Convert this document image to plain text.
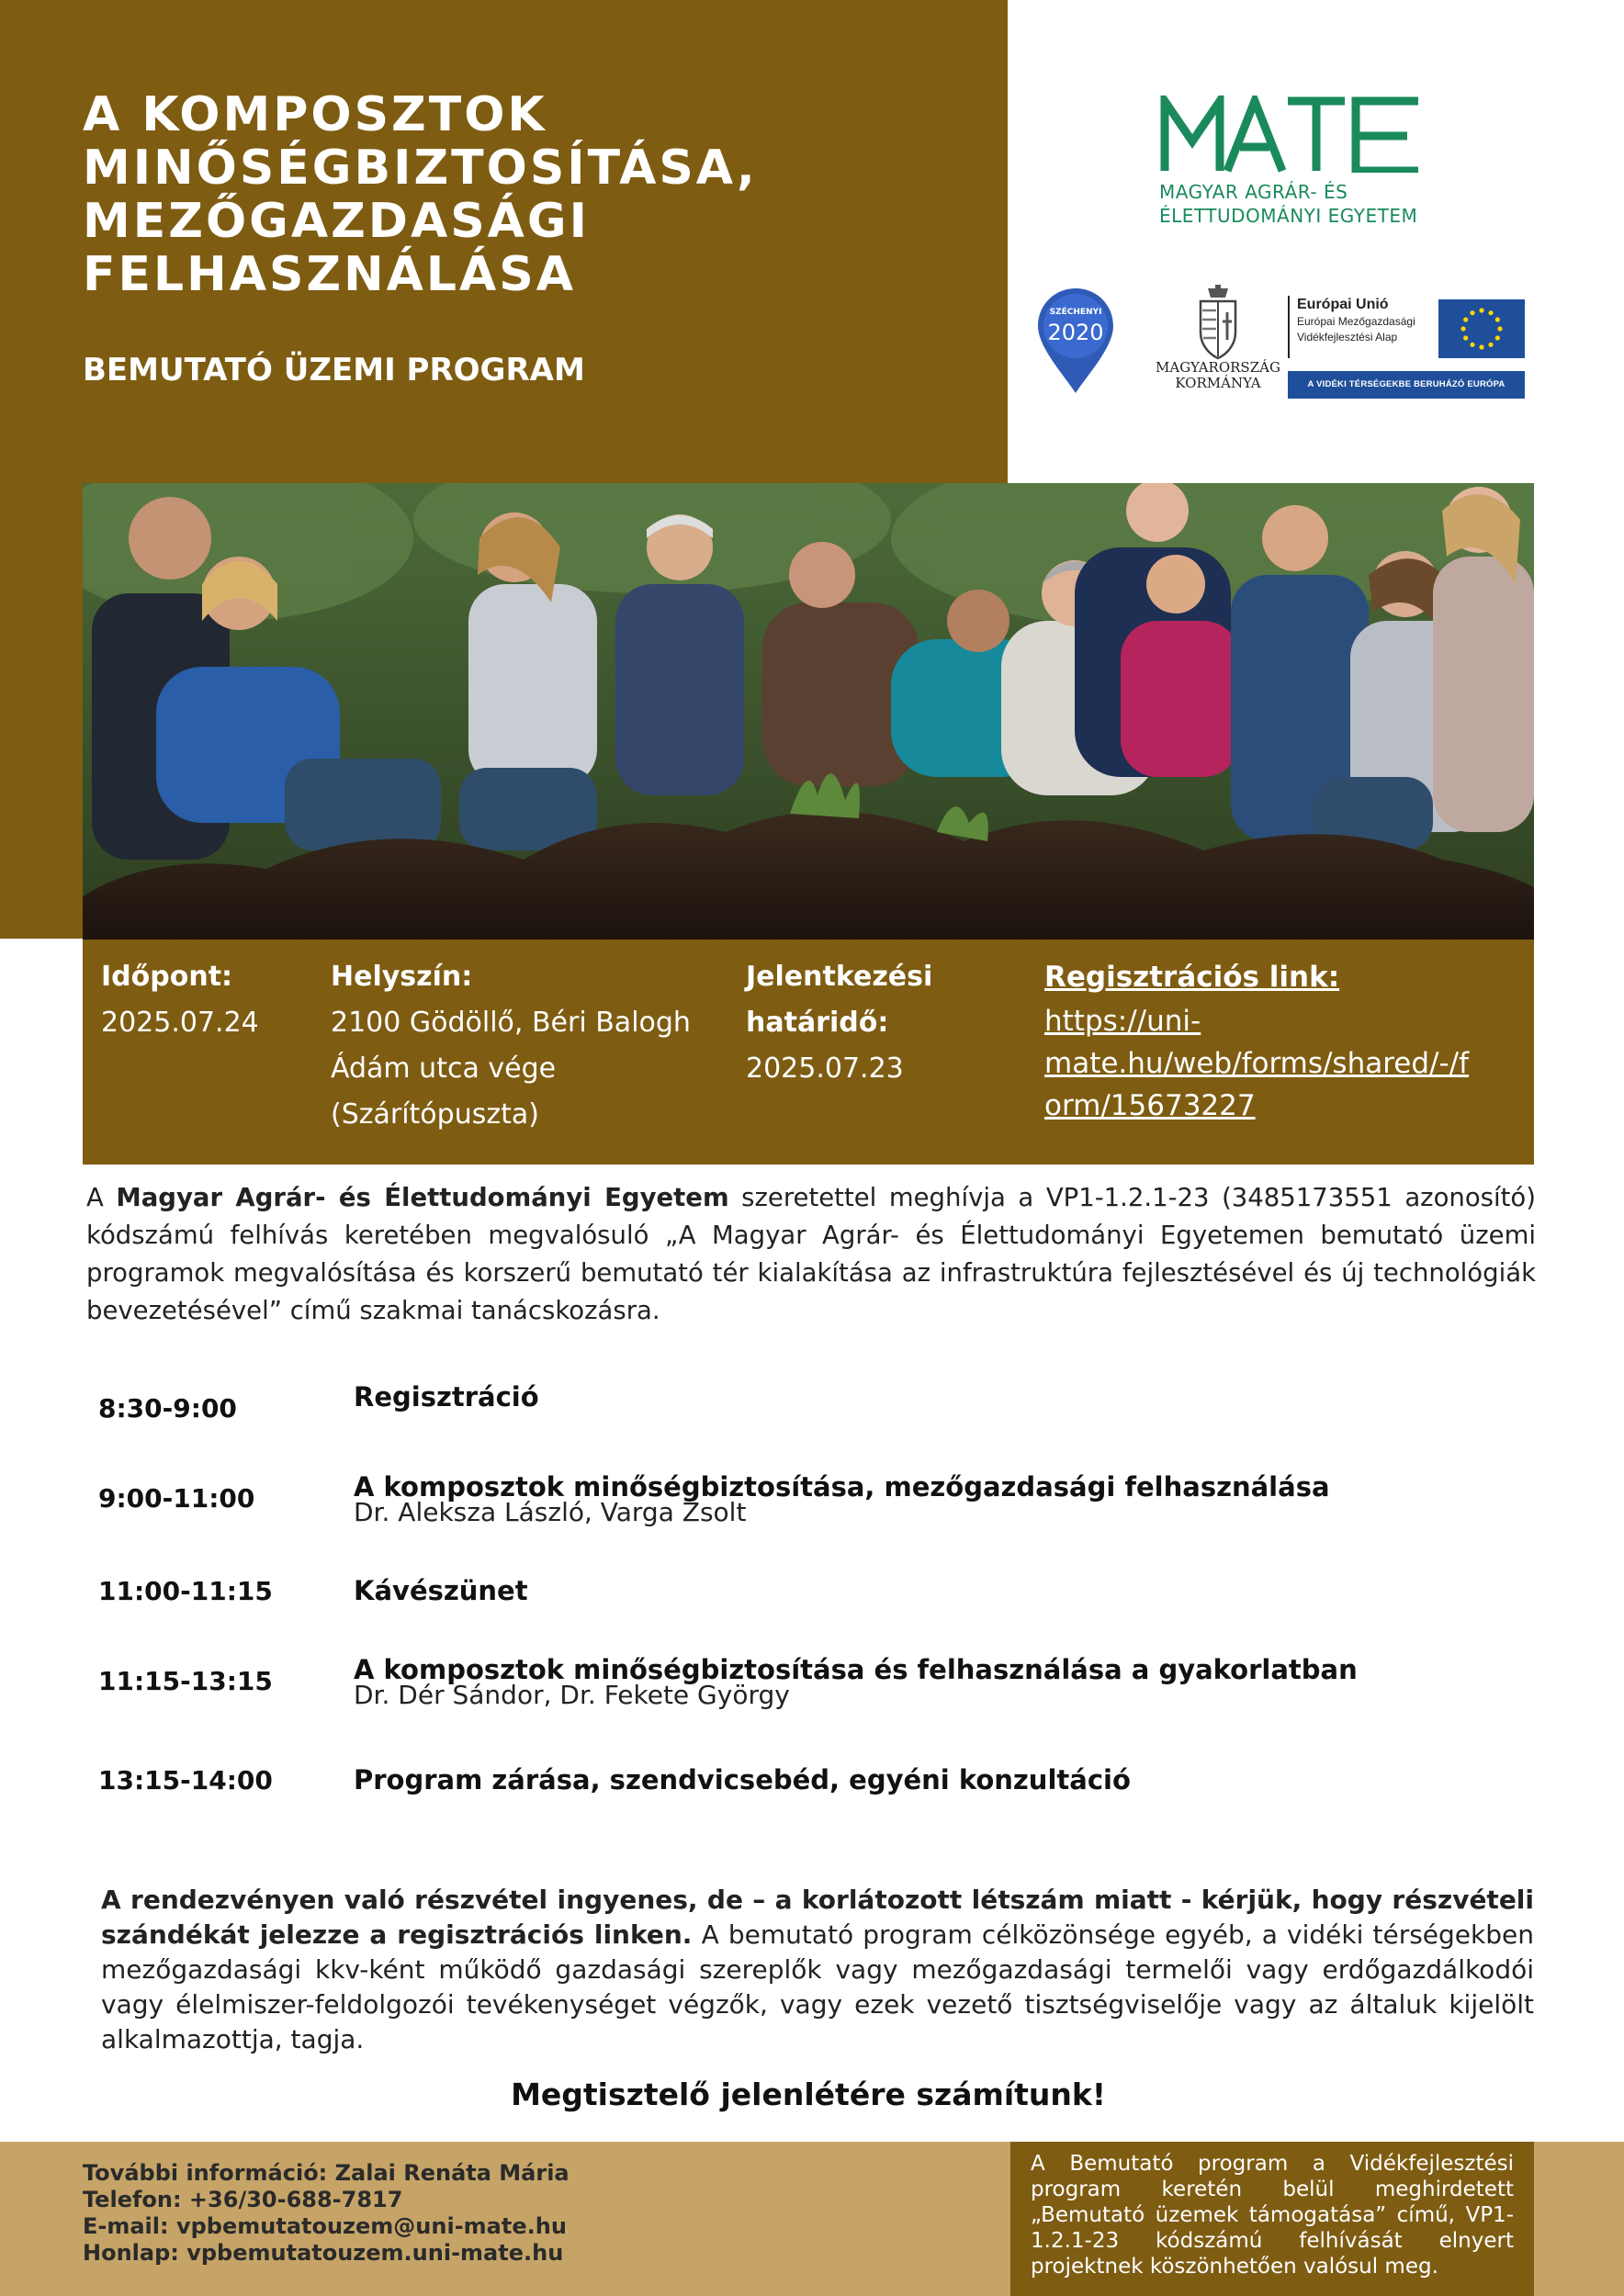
A KOMPOSZTOK
MINŐSÉGBIZTOSÍTÁSA,
MEZŐGAZDASÁGI
FELHASZNÁLÁSA
BEMUTATÓ ÜZEMI PROGRAM
MAGYAR AGRÁR- ÉS
ÉLETTUDOMÁNYI EGYETEM
SZÉCHENYI
2020
MAGYARORSZÁG
KORMÁNYA
Európai Unió
Európai Mezőgazdasági
Vidékfejlesztési Alap
A VIDÉKI TÉRSÉGEKBE BERUHÁZÓ EURÓPA
Időpont:
2025.07.24
Helyszín:
2100 Gödöllő, Béri Balogh
Ádám utca vége
(Szárítópuszta)
Jelentkezési
határidő:
2025.07.23
Regisztrációs link:
https://uni-
mate.hu/web/forms/shared/-/f
orm/15673227

A Magyar Agrár- és Élettudományi Egyetem szeretettel meghívja a VP1-1.2.1-23 (3485173551 azonosító) kódszámú felhívás keretében megvalósuló „A Magyar Agrár- és Élettudományi Egyetemen bemutató üzemi programok megvalósítása és korszerű bemutató tér kialakítása az infrastruktúra fejlesztésével és új technológiák bevezetésével” című szakmai tanácskozásra.

8:30-9:00	Regisztráció
9:00-11:00	A komposztok minőségbiztosítása, mezőgazdasági felhasználása
Dr. Aleksza László, Varga Zsolt
11:00-11:15	Kávészünet
11:15-13:15	A komposztok minőségbiztosítása és felhasználása a gyakorlatban
Dr. Dér Sándor, Dr. Fekete György
13:15-14:00	Program zárása, szendvicsebéd, egyéni konzultáció

A rendezvényen való részvétel ingyenes, de – a korlátozott létszám miatt - kérjük, hogy részvételi szándékát jelezze a regisztrációs linken. A bemutató program célközönsége egyéb, a vidéki térségekben mezőgazdasági kkv-ként működő gazdasági szereplők vagy mezőgazdasági termelői vagy erdőgazdálkodói vagy élelmiszer-feldolgozói tevékenységet végzők, vagy ezek vezető tisztségviselője vagy az általuk kijelölt alkalmazottja, tagja.

Megtisztelő jelenlétére számítunk!

További információ: Zalai Renáta Mária
Telefon: +36/30-688-7817
E-mail: vpbemutatouzem@uni-mate.hu
Honlap: vpbemutatouzem.uni-mate.hu

A Bemutató program a Vidékfejlesztési program keretén belül meghirdetett „Bemutató üzemek támogatása” című, VP1-1.2.1-23 kódszámú felhívását elnyert projektnek köszönhetően valósul meg.
